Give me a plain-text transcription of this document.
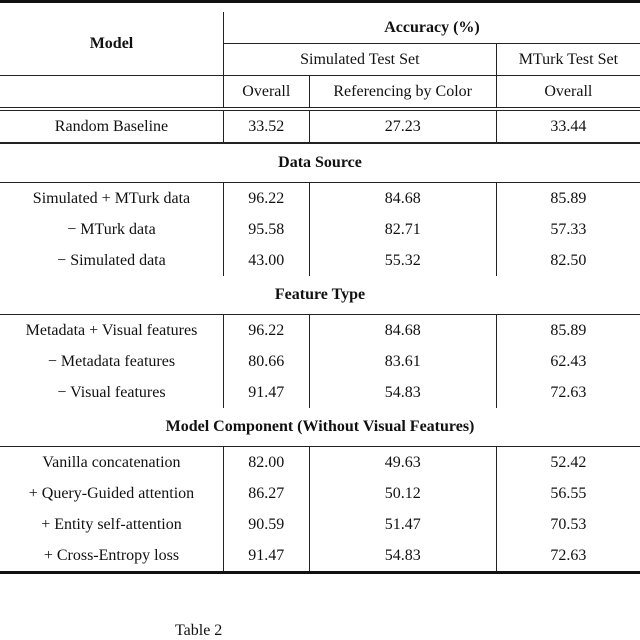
Model	Accuracy (%)		
	Simulated Test Set		MTurk Test Set
	Overall	Referencing by Color	Overall
Random Baseline	33.52	27.23	33.44
Data Source			
Simulated + MTurk data	96.22	84.68	85.89
− MTurk data	95.58	82.71	57.33
− Simulated data	43.00	55.32	82.50
Feature Type			
Metadata + Visual features	96.22	84.68	85.89
− Metadata features	80.66	83.61	62.43
− Visual features	91.47	54.83	72.63
Model Component (Without Visual Features)			
Vanilla concatenation	82.00	49.63	52.42
+ Query-Guided attention	86.27	50.12	56.55
+ Entity self-attention	90.59	51.47	70.53
+ Cross-Entropy loss	91.47	54.83	72.63
Table 2
